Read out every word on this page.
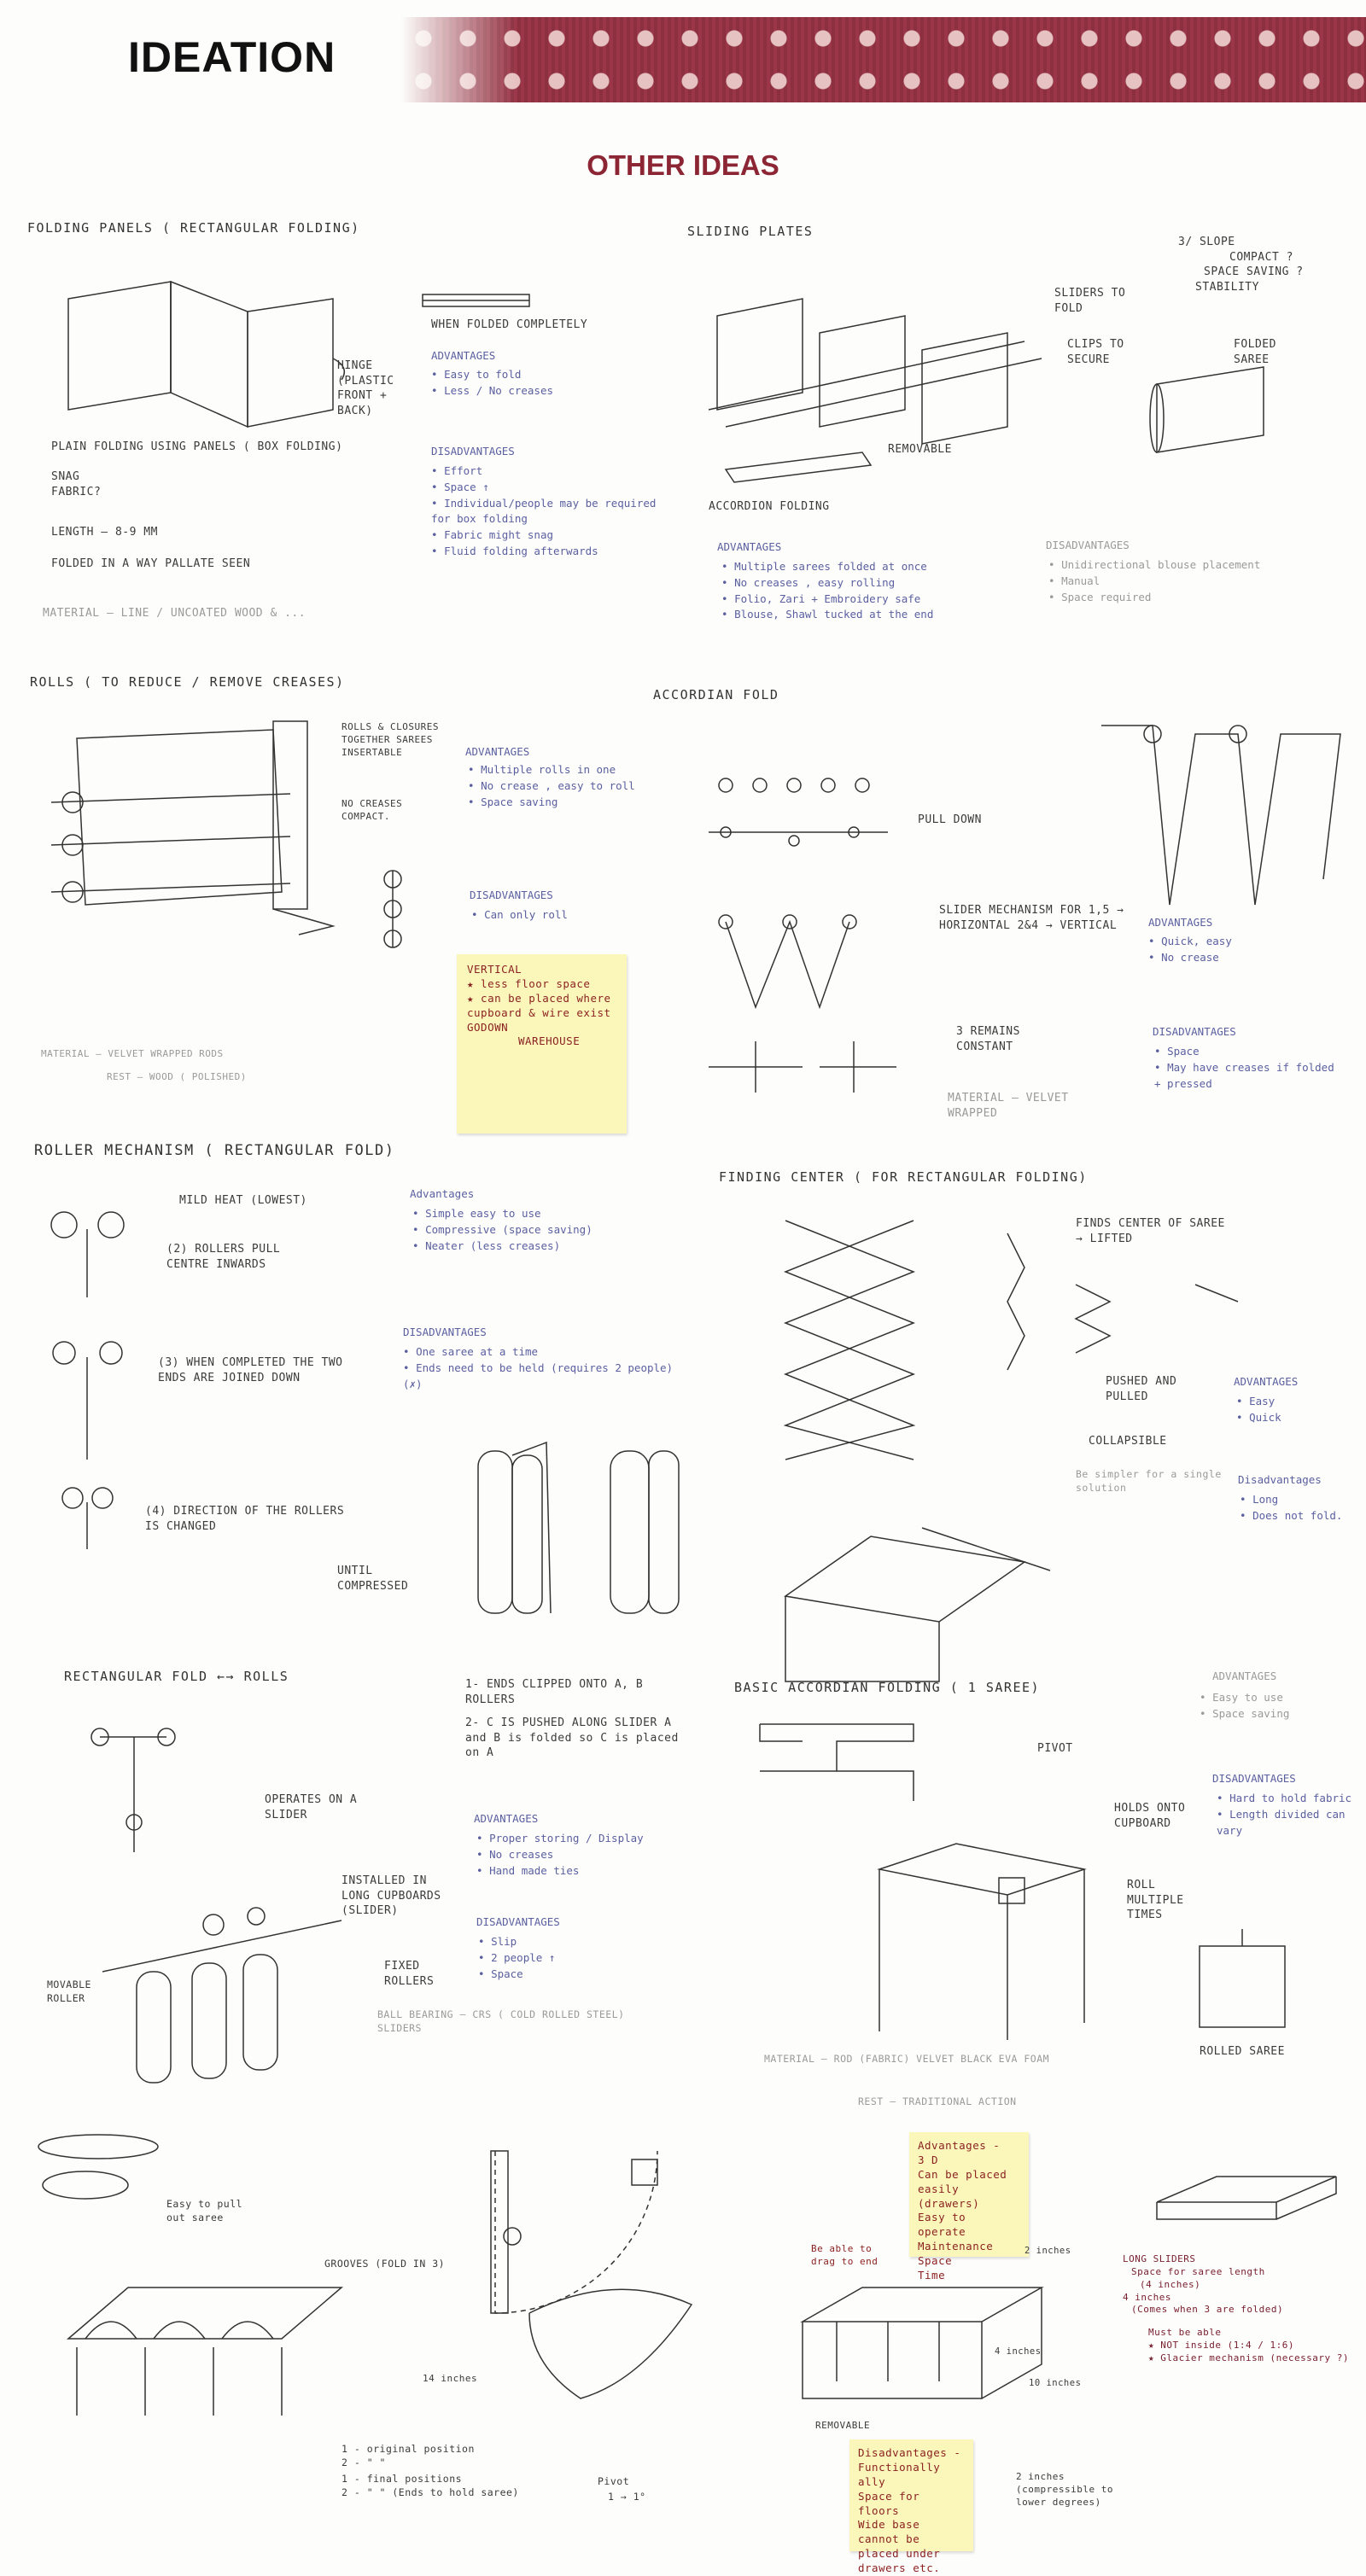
IDEATION
OTHER IDEAS
FOLDING PANELS ( RECTANGULAR FOLDING)
HINGE (PLASTIC FRONT + BACK)
PLAIN FOLDING USING PANELS ( BOX FOLDING)
SNAG FABRIC?
LENGTH — 8-9 MM
FOLDED IN A WAY PALLATE SEEN
MATERIAL — LINE / UNCOATED WOOD & ...
WHEN FOLDED COMPLETELY
ADVANTAGES
• Easy to fold
• Less / No creases
DISADVANTAGES
• Effort
• Space ↑
• Individual/people may be required for box folding
• Fabric might snag
• Fluid folding afterwards
SLIDING PLATES
3/ SLOPE
COMPACT ?
SPACE SAVING ?
STABILITY
SLIDERS TO FOLD
CLIPS TO SECURE
FOLDED SAREE
REMOVABLE
ACCORDION FOLDING
ADVANTAGES
• Multiple sarees folded at once
• No creases , easy rolling
• Folio, Zari + Embroidery safe
• Blouse, Shawl tucked at the end
DISADVANTAGES
• Unidirectional blouse placement
• Manual
• Space required
ROLLS ( TO REDUCE / REMOVE CREASES)
ROLLS & CLOSURES TOGETHER SAREES INSERTABLE
NO CREASES COMPACT.
ADVANTAGES
• Multiple rolls in one
• No crease , easy to roll
• Space saving
DISADVANTAGES
• Can only roll
VERTICAL
★ less floor space
★ can be placed where cupboard & wire exist
GODOWN
WAREHOUSE
MATERIAL — VELVET WRAPPED RODS
REST — WOOD ( POLISHED)
ACCORDIAN FOLD
PULL DOWN
SLIDER MECHANISM FOR 1,5 → HORIZONTAL 2&4 → VERTICAL
3 REMAINS CONSTANT
MATERIAL — VELVET WRAPPED
ADVANTAGES
• Quick, easy
• No crease
DISADVANTAGES
• Space
• May have creases if folded + pressed
ROLLER MECHANISM ( RECTANGULAR FOLD)
MILD HEAT (LOWEST)
(2) ROLLERS PULL CENTRE INWARDS
(3) WHEN COMPLETED THE TWO ENDS ARE JOINED DOWN
(4) DIRECTION OF THE ROLLERS IS CHANGED
UNTIL COMPRESSED
Advantages
• Simple easy to use
• Compressive (space saving)
• Neater (less creases)
DISADVANTAGES
• One saree at a time
• Ends need to be held (requires 2 people) (✗)
FINDING CENTER ( FOR RECTANGULAR FOLDING)
FINDS CENTER OF SAREE → LIFTED
PUSHED AND PULLED
COLLAPSIBLE
Be simpler for a single solution
ADVANTAGES
• Easy
• Quick
Disadvantages
• Long
• Does not fold.
RECTANGULAR FOLD ←→ ROLLS
OPERATES ON A SLIDER
INSTALLED IN LONG CUPBOARDS (SLIDER)
FIXED ROLLERS
MOVABLE ROLLER
1- ENDS CLIPPED ONTO A, B ROLLERS
2- C IS PUSHED ALONG SLIDER A and B is folded so C is placed on A
ADVANTAGES
• Proper storing / Display
• No creases
• Hand made ties
DISADVANTAGES
• Slip
• 2 people ↑
• Space
BALL BEARING — CRS ( COLD ROLLED STEEL) SLIDERS
BASIC ACCORDIAN FOLDING ( 1 SAREE)
PIVOT
HOLDS ONTO CUPBOARD
ROLL MULTIPLE TIMES
ROLLED SAREE
MATERIAL — ROD (FABRIC) VELVET BLACK EVA FOAM
REST — TRADITIONAL ACTION
ADVANTAGES
• Easy to use
• Space saving
DISADVANTAGES
• Hard to hold fabric
• Length divided can vary
Easy to pull out saree
GROOVES (FOLD IN 3)
14 inches
1 - original position
2 - " "
1 - final positions
2 - " " (Ends to hold saree)
Pivot
1 → 1°
Advantages -
3 D
Can be placed easily (drawers)
Easy to operate
Maintenance
Space
Time
Be able to drag to end
REMOVABLE
2 inches
10 inches
4 inches
Disadvantages -
Functionally ally
Space for floors
Wide base cannot be placed under drawers etc.
2 inches (compressible to lower degrees)
LONG SLIDERS
Space for saree length
(4 inches)
4 inches
(Comes when 3 are folded)
Must be able
★ NOT inside (1:4 / 1:6)
★ Glacier mechanism (necessary ?)
